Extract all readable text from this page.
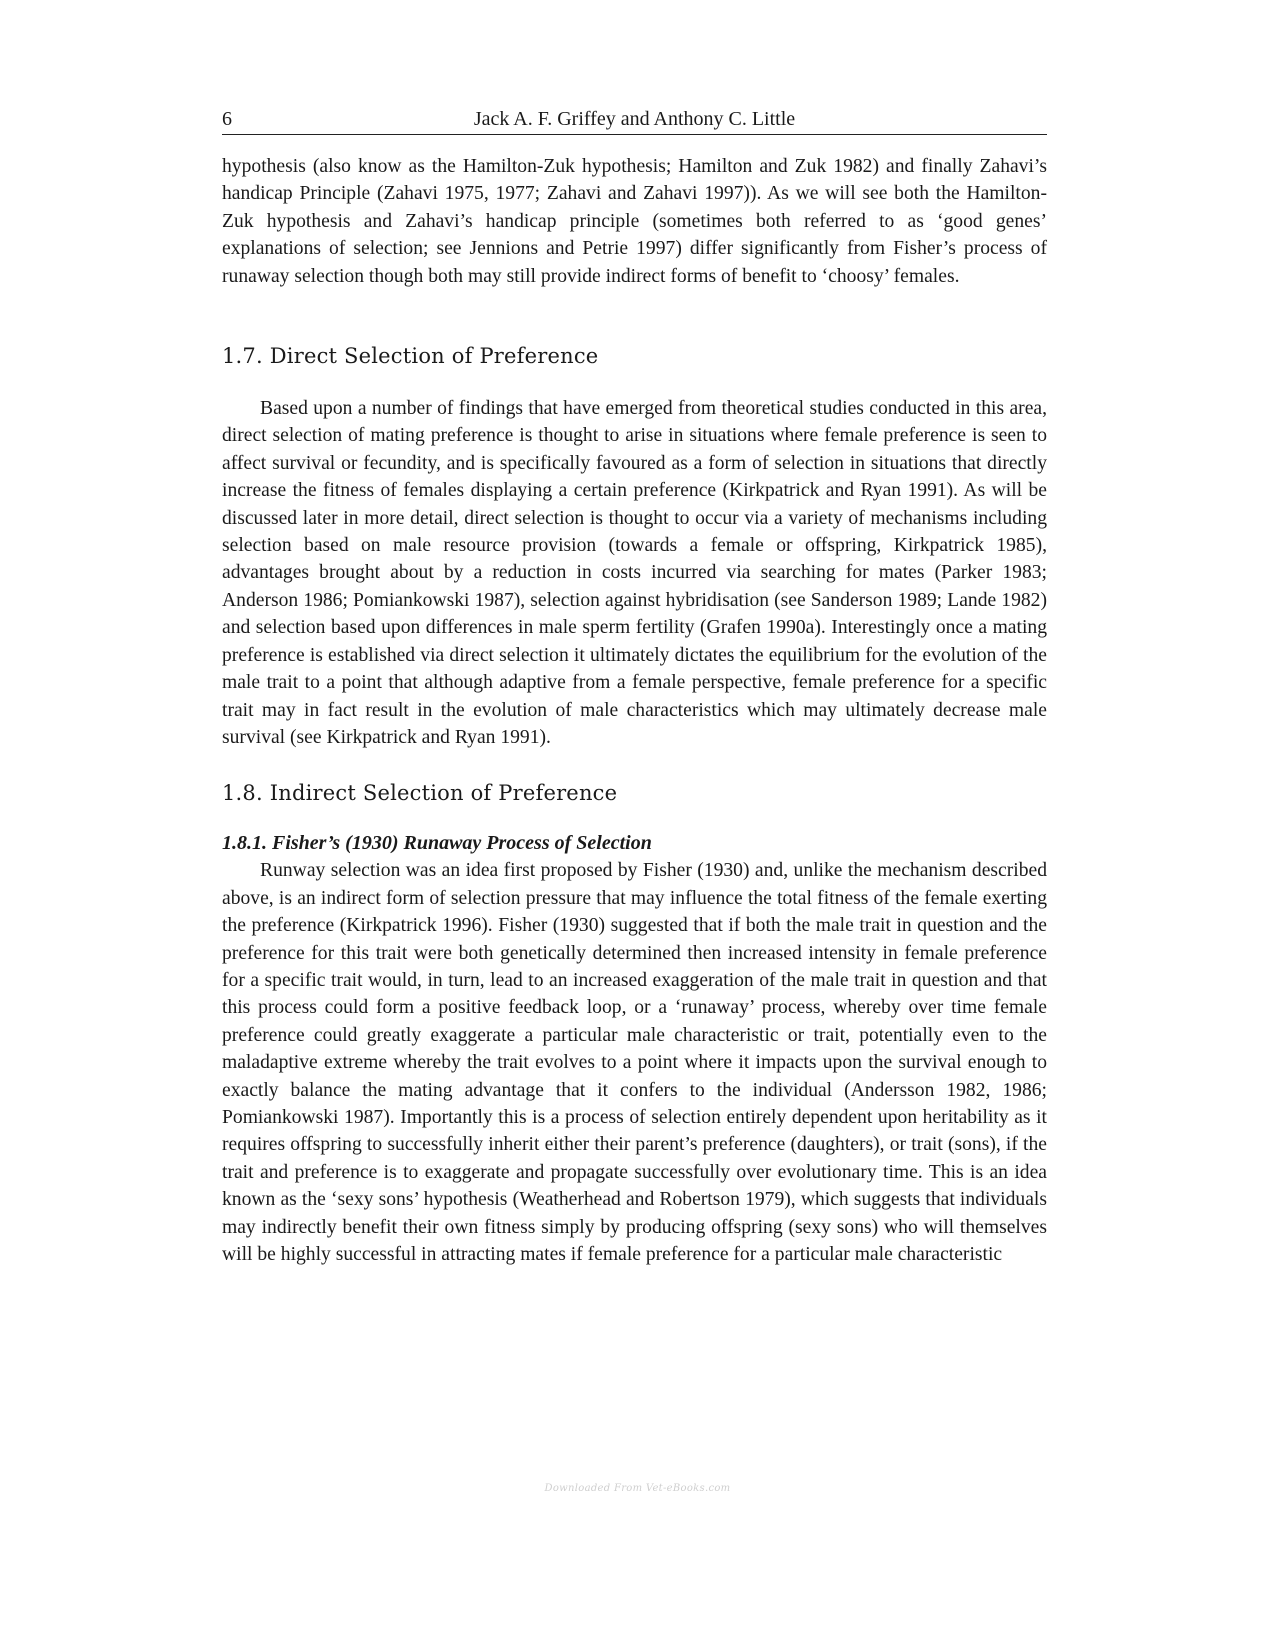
6	Jack A. F. Griffey and Anthony C. Little

hypothesis (also know as the Hamilton-Zuk hypothesis; Hamilton and Zuk 1982) and finally Zahavi’s handicap Principle (Zahavi 1975, 1977; Zahavi and Zahavi 1997)). As we will see both the Hamilton-Zuk hypothesis and Zahavi’s handicap principle (sometimes both referred to as ‘good genes’ explanations of selection; see Jennions and Petrie 1997) differ significantly from Fisher’s process of runaway selection though both may still provide indirect forms of benefit to ‘choosy’ females.

1.7. Direct Selection of Preference

Based upon a number of findings that have emerged from theoretical studies conducted in this area, direct selection of mating preference is thought to arise in situations where female preference is seen to affect survival or fecundity, and is specifically favoured as a form of selection in situations that directly increase the fitness of females displaying a certain preference (Kirkpatrick and Ryan 1991). As will be discussed later in more detail, direct selection is thought to occur via a variety of mechanisms including selection based on male resource provision (towards a female or offspring, Kirkpatrick 1985), advantages brought about by a reduction in costs incurred via searching for mates (Parker 1983; Anderson 1986; Pomiankowski 1987), selection against hybridisation (see Sanderson 1989; Lande 1982) and selection based upon differences in male sperm fertility (Grafen 1990a). Interestingly once a mating preference is established via direct selection it ultimately dictates the equilibrium for the evolution of the male trait to a point that although adaptive from a female perspective, female preference for a specific trait may in fact result in the evolution of male characteristics which may ultimately decrease male survival (see Kirkpatrick and Ryan 1991).

1.8. Indirect Selection of Preference
1.8.1. Fisher’s (1930) Runaway Process of Selection

Runway selection was an idea first proposed by Fisher (1930) and, unlike the mechanism described above, is an indirect form of selection pressure that may influence the total fitness of the female exerting the preference (Kirkpatrick 1996). Fisher (1930) suggested that if both the male trait in question and the preference for this trait were both genetically determined then increased intensity in female preference for a specific trait would, in turn, lead to an increased exaggeration of the male trait in question and that this process could form a positive feedback loop, or a ‘runaway’ process, whereby over time female preference could greatly exaggerate a particular male characteristic or trait, potentially even to the maladaptive extreme whereby the trait evolves to a point where it impacts upon the survival enough to exactly balance the mating advantage that it confers to the individual (Andersson 1982, 1986; Pomiankowski 1987). Importantly this is a process of selection entirely dependent upon heritability as it requires offspring to successfully inherit either their parent’s preference (daughters), or trait (sons), if the trait and preference is to exaggerate and propagate successfully over evolutionary time. This is an idea known as the ‘sexy sons’ hypothesis (Weatherhead and Robertson 1979), which suggests that individuals may indirectly benefit their own fitness simply by producing offspring (sexy sons) who will themselves will be highly successful in attracting mates if female preference for a particular male characteristic

Downloaded From Vet-eBooks.com
